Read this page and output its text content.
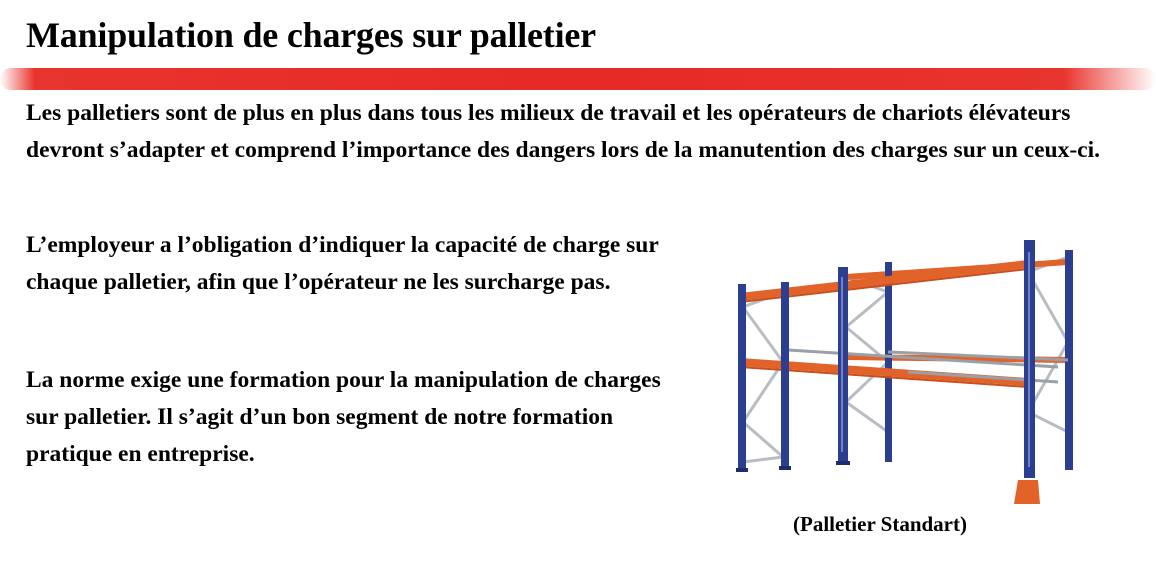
Manipulation de charges sur palletier

Les palletiers sont de plus en plus dans tous les milieux de travail et les opérateurs de chariots élévateurs devront s’adapter et comprend l’importance des dangers lors de la manutention des charges sur un ceux-ci.

L’employeur a l’obligation d’indiquer la capacité de charge sur chaque palletier, afin que l’opérateur ne les surcharge pas.

La norme exige une formation pour la manipulation de charges sur palletier. Il s’agit d’un bon segment de notre formation pratique en entreprise.

(Palletier Standart)
